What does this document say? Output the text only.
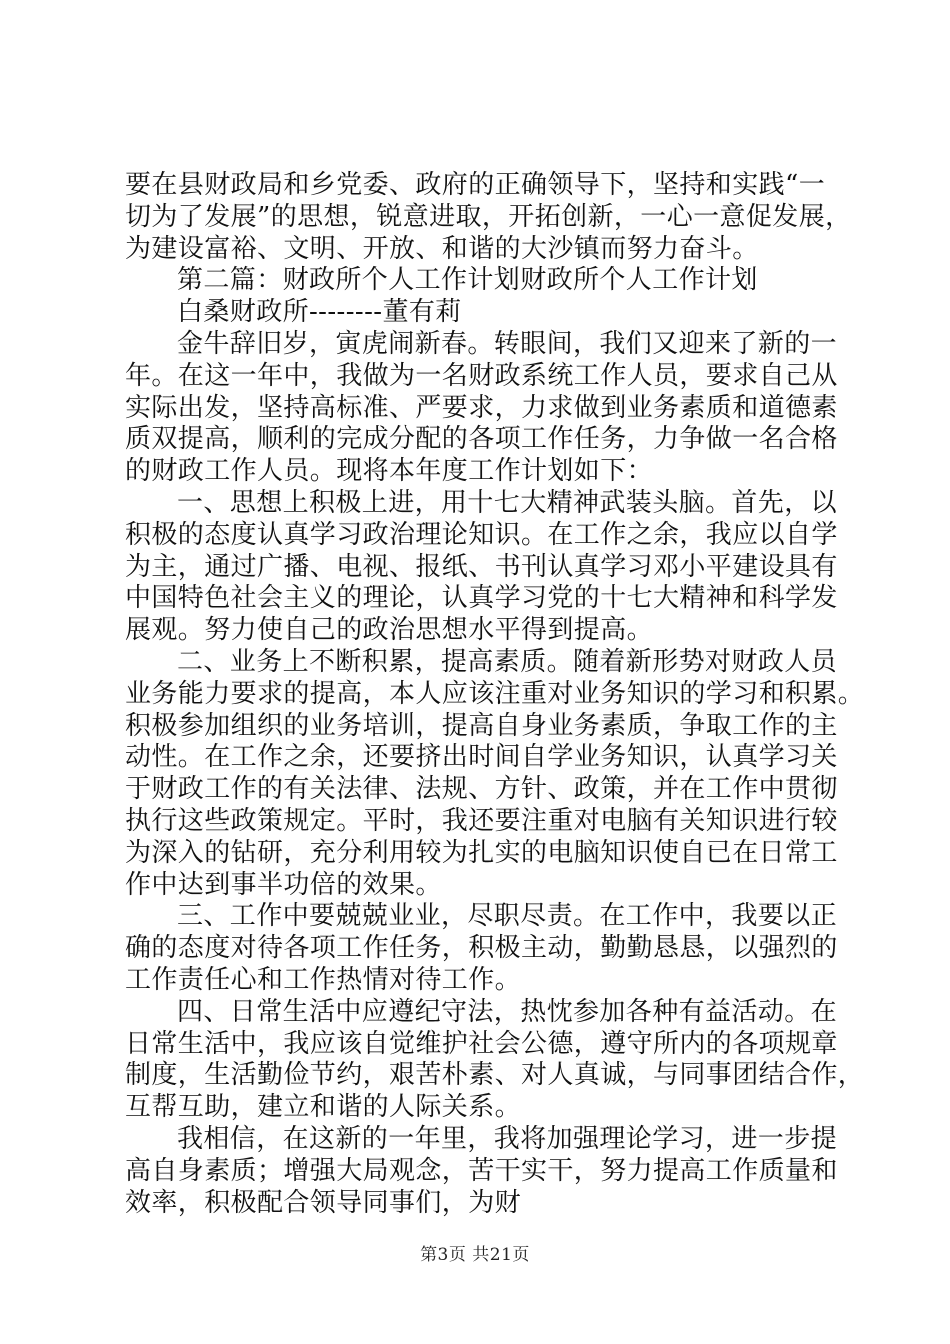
要在县财政局和乡党委、政府的正确领导下，坚持和实践“一
切为了发展”的思想，锐意进取，开拓创新，一心一意促发展，
为建设富裕、文明、开放、和谐的大沙镇而努力奋斗。
第二篇：财政所个人工作计划财政所个人工作计划
白桑财政所--------董有莉
金牛辞旧岁，寅虎闹新春。转眼间，我们又迎来了新的一
年。在这一年中，我做为一名财政系统工作人员，要求自己从
实际出发，坚持高标准、严要求，力求做到业务素质和道德素
质双提高，顺利的完成分配的各项工作任务，力争做一名合格
的财政工作人员。现将本年度工作计划如下：
一、思想上积极上进，用十七大精神武装头脑。首先，以
积极的态度认真学习政治理论知识。在工作之余，我应以自学
为主，通过广播、电视、报纸、书刊认真学习邓小平建设具有
中国特色社会主义的理论，认真学习党的十七大精神和科学发
展观。努力使自己的政治思想水平得到提高。
二、业务上不断积累，提高素质。随着新形势对财政人员
业务能力要求的提高，本人应该注重对业务知识的学习和积累。
积极参加组织的业务培训，提高自身业务素质，争取工作的主
动性。在工作之余，还要挤出时间自学业务知识，认真学习关
于财政工作的有关法律、法规、方针、政策，并在工作中贯彻
执行这些政策规定。平时，我还要注重对电脑有关知识进行较
为深入的钻研，充分利用较为扎实的电脑知识使自已在日常工
作中达到事半功倍的效果。
三、工作中要兢兢业业，尽职尽责。在工作中，我要以正
确的态度对待各项工作任务，积极主动，勤勤恳恳，以强烈的
工作责任心和工作热情对待工作。
四、日常生活中应遵纪守法，热忱参加各种有益活动。在
日常生活中，我应该自觉维护社会公德，遵守所内的各项规章
制度，生活勤俭节约，艰苦朴素、对人真诚，与同事团结合作，
互帮互助，建立和谐的人际关系。
我相信，在这新的一年里，我将加强理论学习，进一步提
高自身素质；增强大局观念，苦干实干，努力提高工作质量和
效率，积极配合领导同事们，为财
第3页 共21页
